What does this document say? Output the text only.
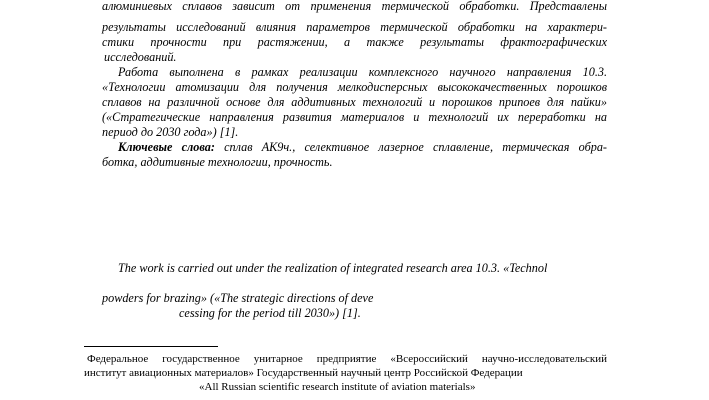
алюминиевых сплавов зависит от применения термической обработки. Представлены
результаты исследований влияния параметров термической обработки на характери-
стики прочности при растяжении, а также результаты фрактографических
исследований.
Работа выполнена в рамках реализации комплексного научного направления 10.3.
«Технологии атомизации для получения мелкодисперсных высококачественных порошков
сплавов на различной основе для аддитивных технологий и порошков припоев для пайки»
(«Стратегические направления развития материалов и технологий их переработки на
период до 2030 года») [1].
Ключевые слова: сплав АК9ч., селективное лазерное сплавление, термическая обра-
ботка, аддитивные технологии, прочность.
The work is carried out under the realization of integrated research area 10.3. «Technol
powders for brazing» («The strategic directions of deve
cessing for the period till 2030») [1].
Федеральное государственное унитарное предприятие «Всероссийский научно-исследовательский
институт авиационных материалов» Государственный научный центр Российской Федерации
«All Russian scientific research institute of aviation materials»
